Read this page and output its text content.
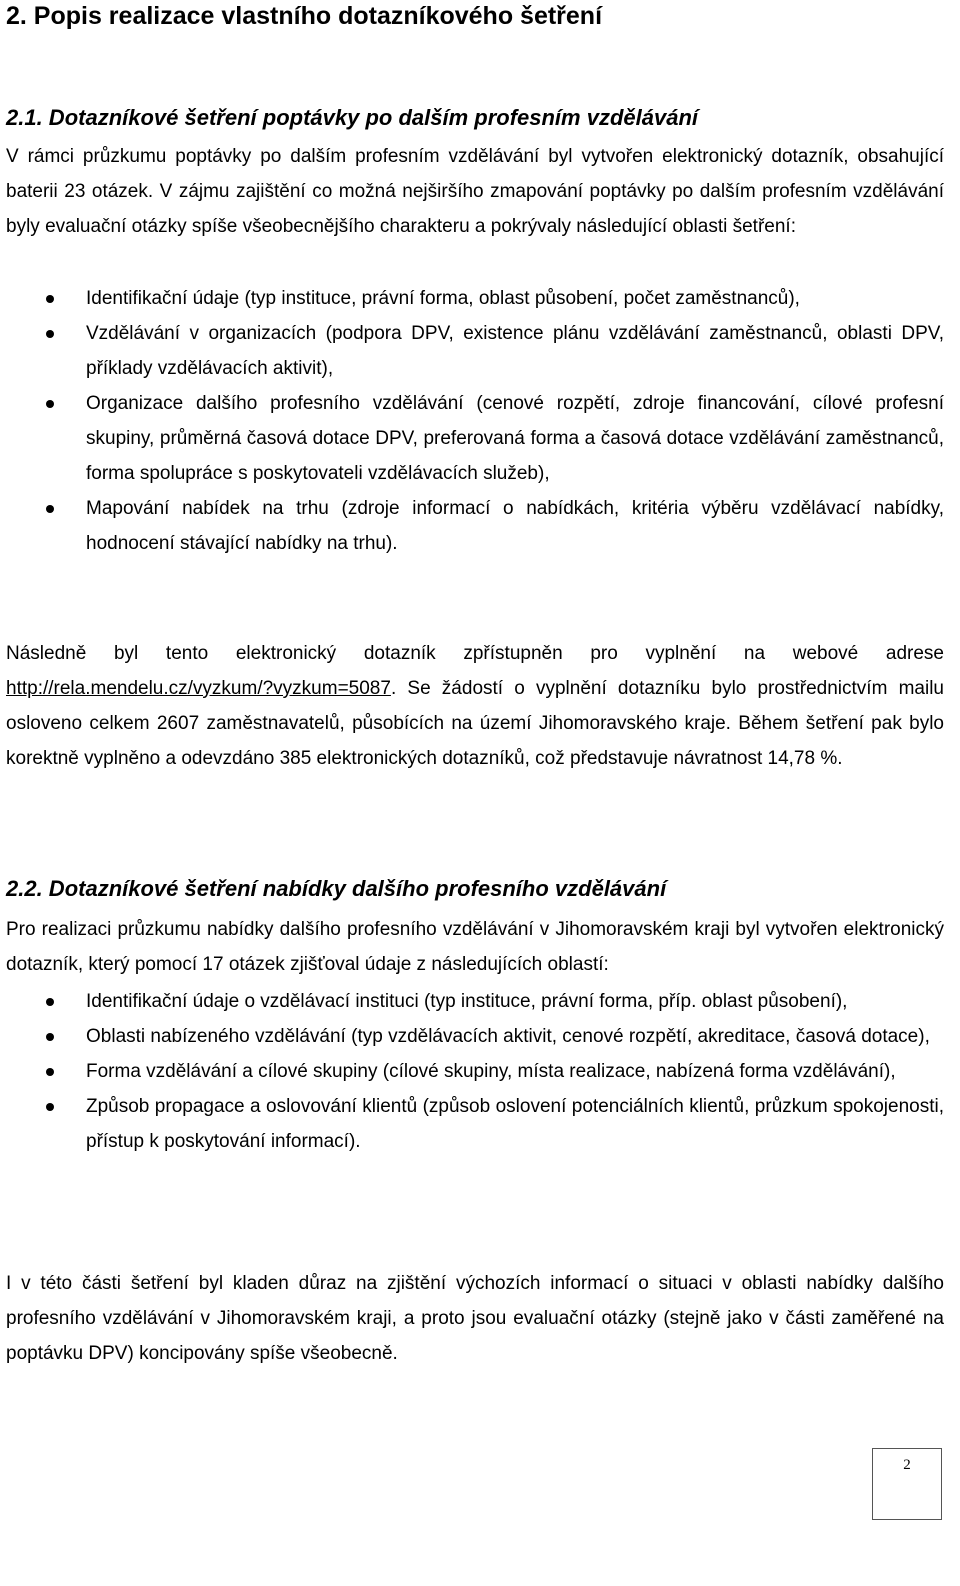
2. Popis realizace vlastního dotazníkového šetření
2.1. Dotazníkové šetření poptávky po dalším profesním vzdělávání

V rámci průzkumu poptávky po dalším profesním vzdělávání byl vytvořen elektronický dotazník, obsahující baterii 23 otázek. V zájmu zajištění co možná nejširšího zmapování poptávky po dalším profesním vzdělávání byly evaluační otázky spíše všeobecnějšího charakteru a pokrývaly následující oblasti šetření:

Identifikační údaje (typ instituce, právní forma, oblast působení, počet zaměstnanců),
Vzdělávání v organizacích (podpora DPV, existence plánu vzdělávání zaměstnanců, oblasti DPV, příklady vzdělávacích aktivit),
Organizace dalšího profesního vzdělávání (cenové rozpětí, zdroje financování, cílové profesní skupiny, průměrná časová dotace DPV, preferovaná forma a časová dotace vzdělávání zaměstnanců, forma spolupráce s poskytovateli vzdělávacích služeb),
Mapování nabídek na trhu (zdroje informací o nabídkách, kritéria výběru vzdělávací nabídky, hodnocení stávající nabídky na trhu).

Následně byl tento elektronický dotazník zpřístupněn pro vyplnění na webové adrese http://rela.mendelu.cz/vyzkum/?vyzkum=5087. Se žádostí o vyplnění dotazníku bylo prostřednictvím mailu osloveno celkem 2607 zaměstnavatelů, působících na území Jihomoravského kraje. Během šetření pak bylo korektně vyplněno a odevzdáno 385 elektronických dotazníků, což představuje návratnost 14,78 %.

2.2. Dotazníkové šetření nabídky dalšího profesního vzdělávání

Pro realizaci průzkumu nabídky dalšího profesního vzdělávání v Jihomoravském kraji byl vytvořen elektronický dotazník, který pomocí 17 otázek zjišťoval údaje z následujících oblastí:

Identifikační údaje o vzdělávací instituci (typ instituce, právní forma, příp. oblast působení),
Oblasti nabízeného vzdělávání (typ vzdělávacích aktivit, cenové rozpětí, akreditace, časová dotace),
Forma vzdělávání a cílové skupiny (cílové skupiny, místa realizace, nabízená forma vzdělávání),
Způsob propagace a oslovování klientů (způsob oslovení potenciálních klientů, průzkum spokojenosti, přístup k poskytování informací).

I v této části šetření byl kladen důraz na zjištění výchozích informací o situaci v oblasti nabídky dalšího profesního vzdělávání v Jihomoravském kraji, a proto jsou evaluační otázky (stejně jako v části zaměřené na poptávku DPV) koncipovány spíše všeobecně.

2
